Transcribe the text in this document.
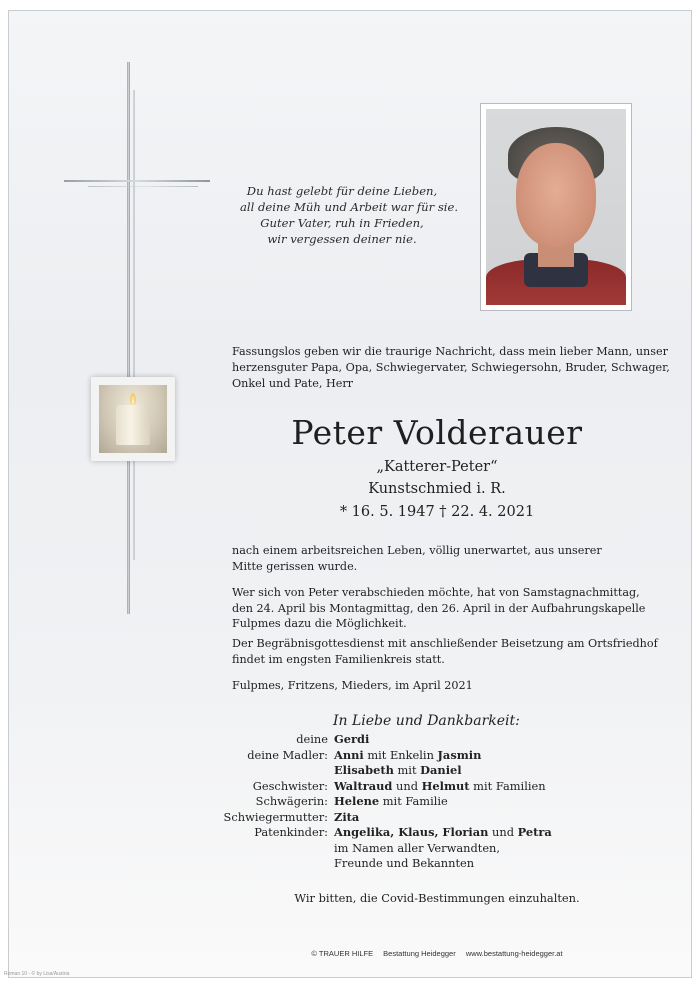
Du hast gelebt für deine Lieben,
all deine Müh und Arbeit war für sie.
Guter Vater, ruh in Frieden,
wir vergessen deiner nie.
Fassungslos geben wir die traurige Nachricht, dass mein lieber Mann, unser
herzensguter Papa, Opa, Schwiegervater, Schwiegersohn, Bruder, Schwager,
Onkel und Pate, Herr
Peter Volderauer
„Katterer-Peter“
Kunstschmied i. R.
* 16. 5. 1947 † 22. 4. 2021
nach einem arbeitsreichen Leben, völlig unerwartet, aus unserer
Mitte gerissen wurde.
Wer sich von Peter verabschieden möchte, hat von Samstagnachmittag,
den 24. April bis Montagmittag, den 26. April in der Aufbahrungskapelle
Fulpmes dazu die Möglichkeit.
Der Begräbnisgottesdienst mit anschließender Beisetzung am Ortsfriedhof
findet im engsten Familienkreis statt.
Fulpmes, Fritzens, Mieders, im April 2021
In Liebe und Dankbarkeit:
deine Gerdi
deine Madler: Anni mit Enkelin Jasmin
Elisabeth mit Daniel
Geschwister: Waltraud und Helmut mit Familien
Schwägerin: Helene mit Familie
Schwiegermutter: Zita
Patenkinder: Angelika, Klaus, Florian und Petra
im Namen aller Verwandten,
Freunde und Bekannten
Wir bitten, die Covid-Bestimmungen einzuhalten.
© TRAUER HILFE Bestattung Heidegger www.bestattung-heidegger.at
Roman 10 - © by Lisa/Austria
